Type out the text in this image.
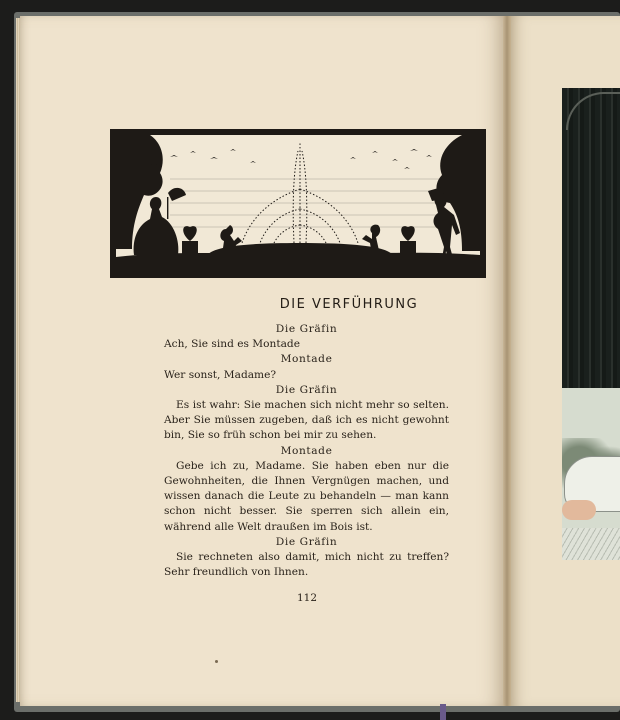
DIE VERFÜHRUNG
Die Gräfin
Ach, Sie sind es Montade
Montade
Wer sonst, Madame?
Die Gräfin
Es ist wahr: Sie machen sich nicht mehr so selten. Aber Sie müssen zugeben, daß ich es nicht gewohnt bin, Sie so früh schon bei mir zu sehen.
Montade
Gebe ich zu, Madame. Sie haben eben nur die Gewohnheiten, die Ihnen Vergnügen machen, und wissen danach die Leute zu behandeln — man kann schon nicht besser. Sie sperren sich allein ein, während alle Welt draußen im Bois ist.
Die Gräfin
Sie rechneten also damit, mich nicht zu treffen? Sehr freundlich von Ihnen.
112
